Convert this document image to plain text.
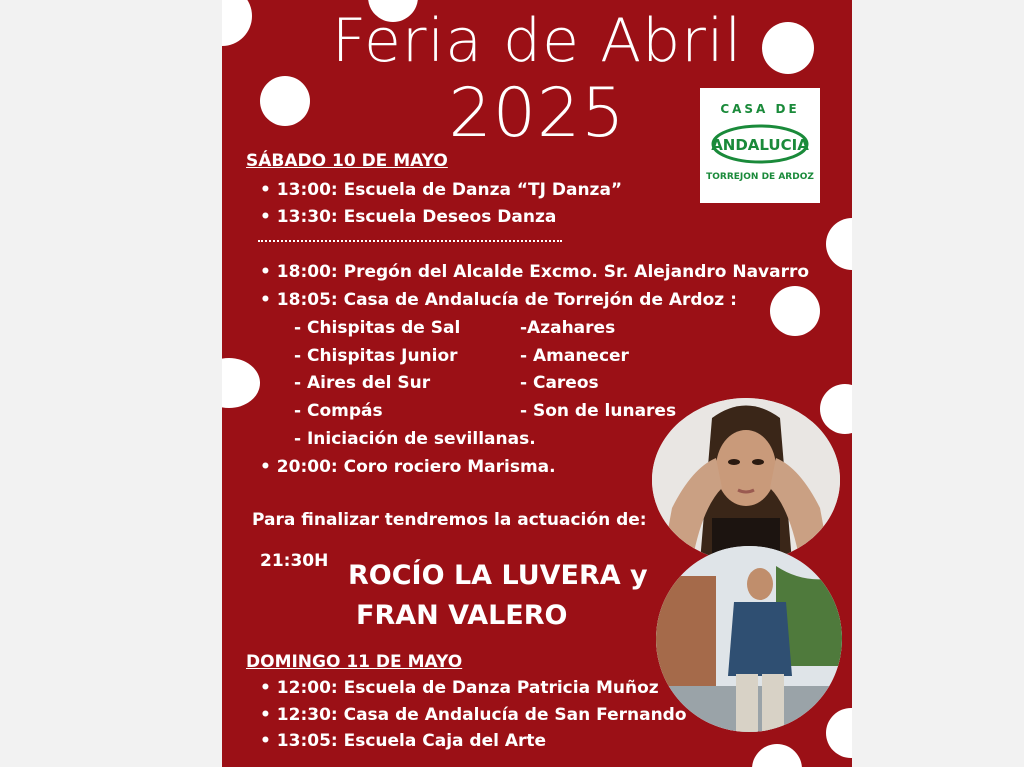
Feria de Abril
2025	CASA DE
ANDALUCIA
TORREJON DE ARDOZ

SÁBADO 10 DE MAYO

• 13:00: Escuela de Danza “TJ Danza”

• 13:30: Escuela Deseos Danza

• 18:00: Pregón del Alcalde Excmo. Sr. Alejandro Navarro

• 18:05: Casa de Andalucía de Torrejón de Ardoz :

- Chispitas de Sal

- Chispitas Junior

- Aires del Sur

- Compás

- Iniciación de sevillanas.

-Azahares

- Amanecer

- Careos

- Son de lunares

• 20:00: Coro rociero Marisma.

Para finalizar tendremos la actuación de:

21:30H ROCÍO LA LUVERA y

FRAN VALERO

DOMINGO 11 DE MAYO

• 12:00: Escuela de Danza Patricia Muñoz

• 12:30: Casa de Andalucía de San Fernando

• 13:05: Escuela Caja del Arte
